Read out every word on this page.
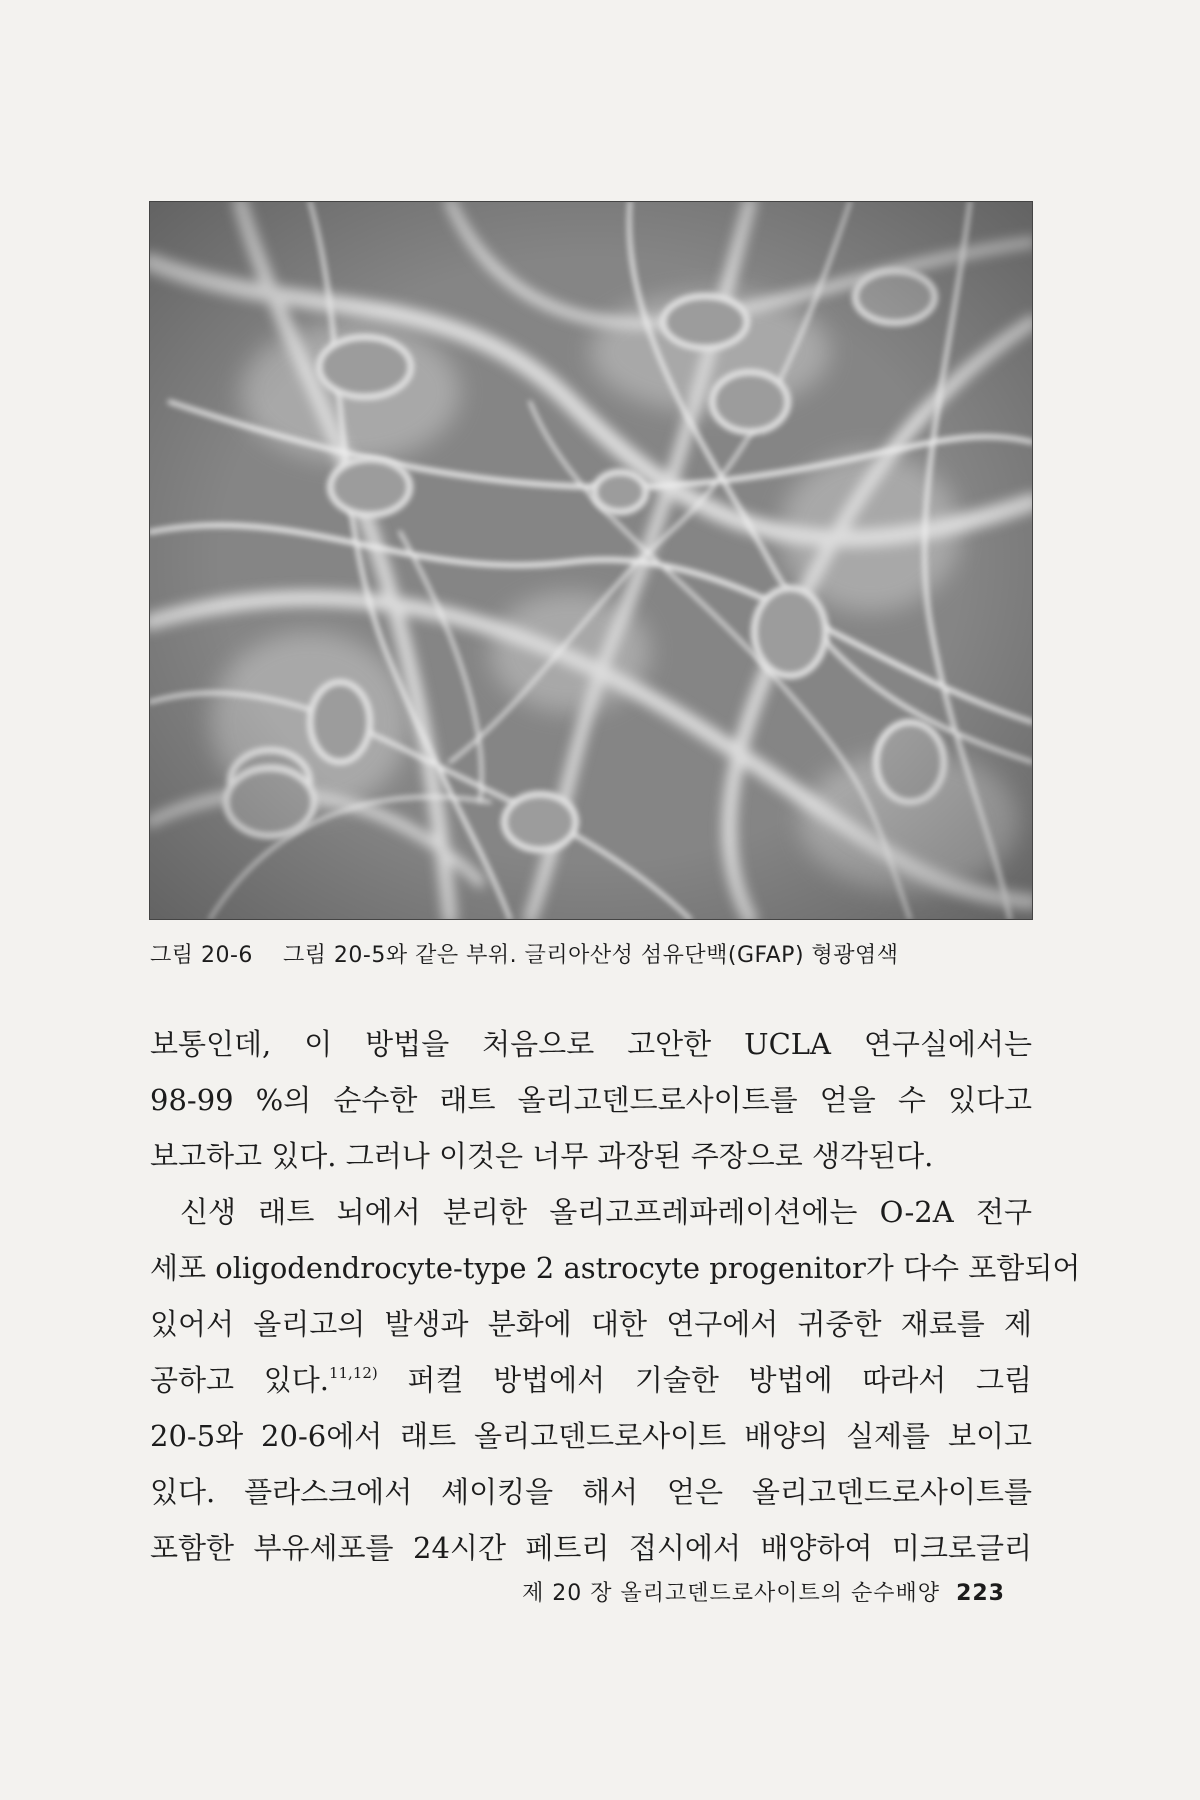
그림 20-6 그림 20-5와 같은 부위. 글리아산성 섬유단백(GFAP) 형광염색
보통인데, 이 방법을 처음으로 고안한 UCLA 연구실에서는
98-99 %의 순수한 래트 올리고덴드로사이트를 얻을 수 있다고
보고하고 있다. 그러나 이것은 너무 과장된 주장으로 생각된다.
신생 래트 뇌에서 분리한 올리고프레파레이션에는 O-2A 전구
세포 oligodendrocyte-type 2 astrocyte progenitor가 다수 포함되어
있어서 올리고의 발생과 분화에 대한 연구에서 귀중한 재료를 제
공하고 있다.$^{11,12)}$ 퍼컬 방법에서 기술한 방법에 따라서 그림
20-5와 20-6에서 래트 올리고덴드로사이트 배양의 실제를 보이고
있다. 플라스크에서 셰이킹을 해서 얻은 올리고덴드로사이트를
포함한 부유세포를 24시간 페트리 접시에서 배양하여 미크로글리
제 20 장 올리고덴드로사이트의 순수배양 223
